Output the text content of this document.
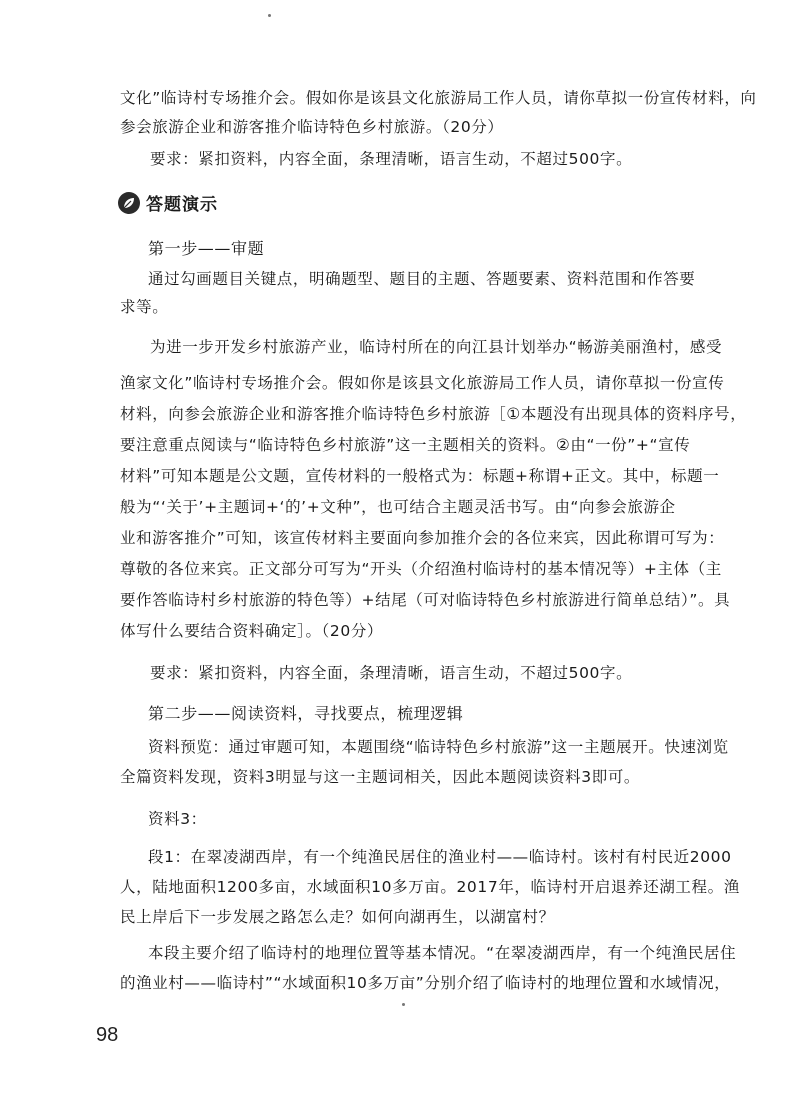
文化”临诗村专场推介会。假如你是该县文化旅游局工作人员，请你草拟一份宣传材料，向

参会旅游企业和游客推介临诗特色乡村旅游。（20分）

要求：紧扣资料，内容全面，条理清晰，语言生动，不超过500字。

答题演示

第一步——审题

通过勾画题目关键点，明确题型、题目的主题、答题要素、资料范围和作答要

求等。

为进一步开发乡村旅游产业，临诗村所在的向江县计划举办“畅游美丽渔村，感受

渔家文化”临诗村专场推介会。假如你是该县文化旅游局工作人员，请你草拟一份宣传

材料，向参会旅游企业和游客推介临诗特色乡村旅游［①本题没有出现具体的资料序号，

要注意重点阅读与“临诗特色乡村旅游”这一主题相关的资料。②由“一份”+“宣传

材料”可知本题是公文题，宣传材料的一般格式为：标题+称谓+正文。其中，标题一

般为“‘关于’+主题词+‘的’+文种”，也可结合主题灵活书写。由“向参会旅游企

业和游客推介”可知，该宣传材料主要面向参加推介会的各位来宾，因此称谓可写为：

尊敬的各位来宾。正文部分可写为“开头（介绍渔村临诗村的基本情况等）+主体（主

要作答临诗村乡村旅游的特色等）+结尾（可对临诗特色乡村旅游进行简单总结）”。具

体写什么要结合资料确定］。（20分）

要求：紧扣资料，内容全面，条理清晰，语言生动，不超过500字。

第二步——阅读资料，寻找要点，梳理逻辑

资料预览：通过审题可知，本题围绕“临诗特色乡村旅游”这一主题展开。快速浏览

全篇资料发现，资料3明显与这一主题词相关，因此本题阅读资料3即可。

资料3：

段1：在翠凌湖西岸，有一个纯渔民居住的渔业村——临诗村。该村有村民近2000

人，陆地面积1200多亩，水域面积10多万亩。2017年，临诗村开启退养还湖工程。渔

民上岸后下一步发展之路怎么走？如何向湖再生，以湖富村？

本段主要介绍了临诗村的地理位置等基本情况。“在翠凌湖西岸，有一个纯渔民居住

的渔业村——临诗村”“水域面积10多万亩”分别介绍了临诗村的地理位置和水域情况，

98
